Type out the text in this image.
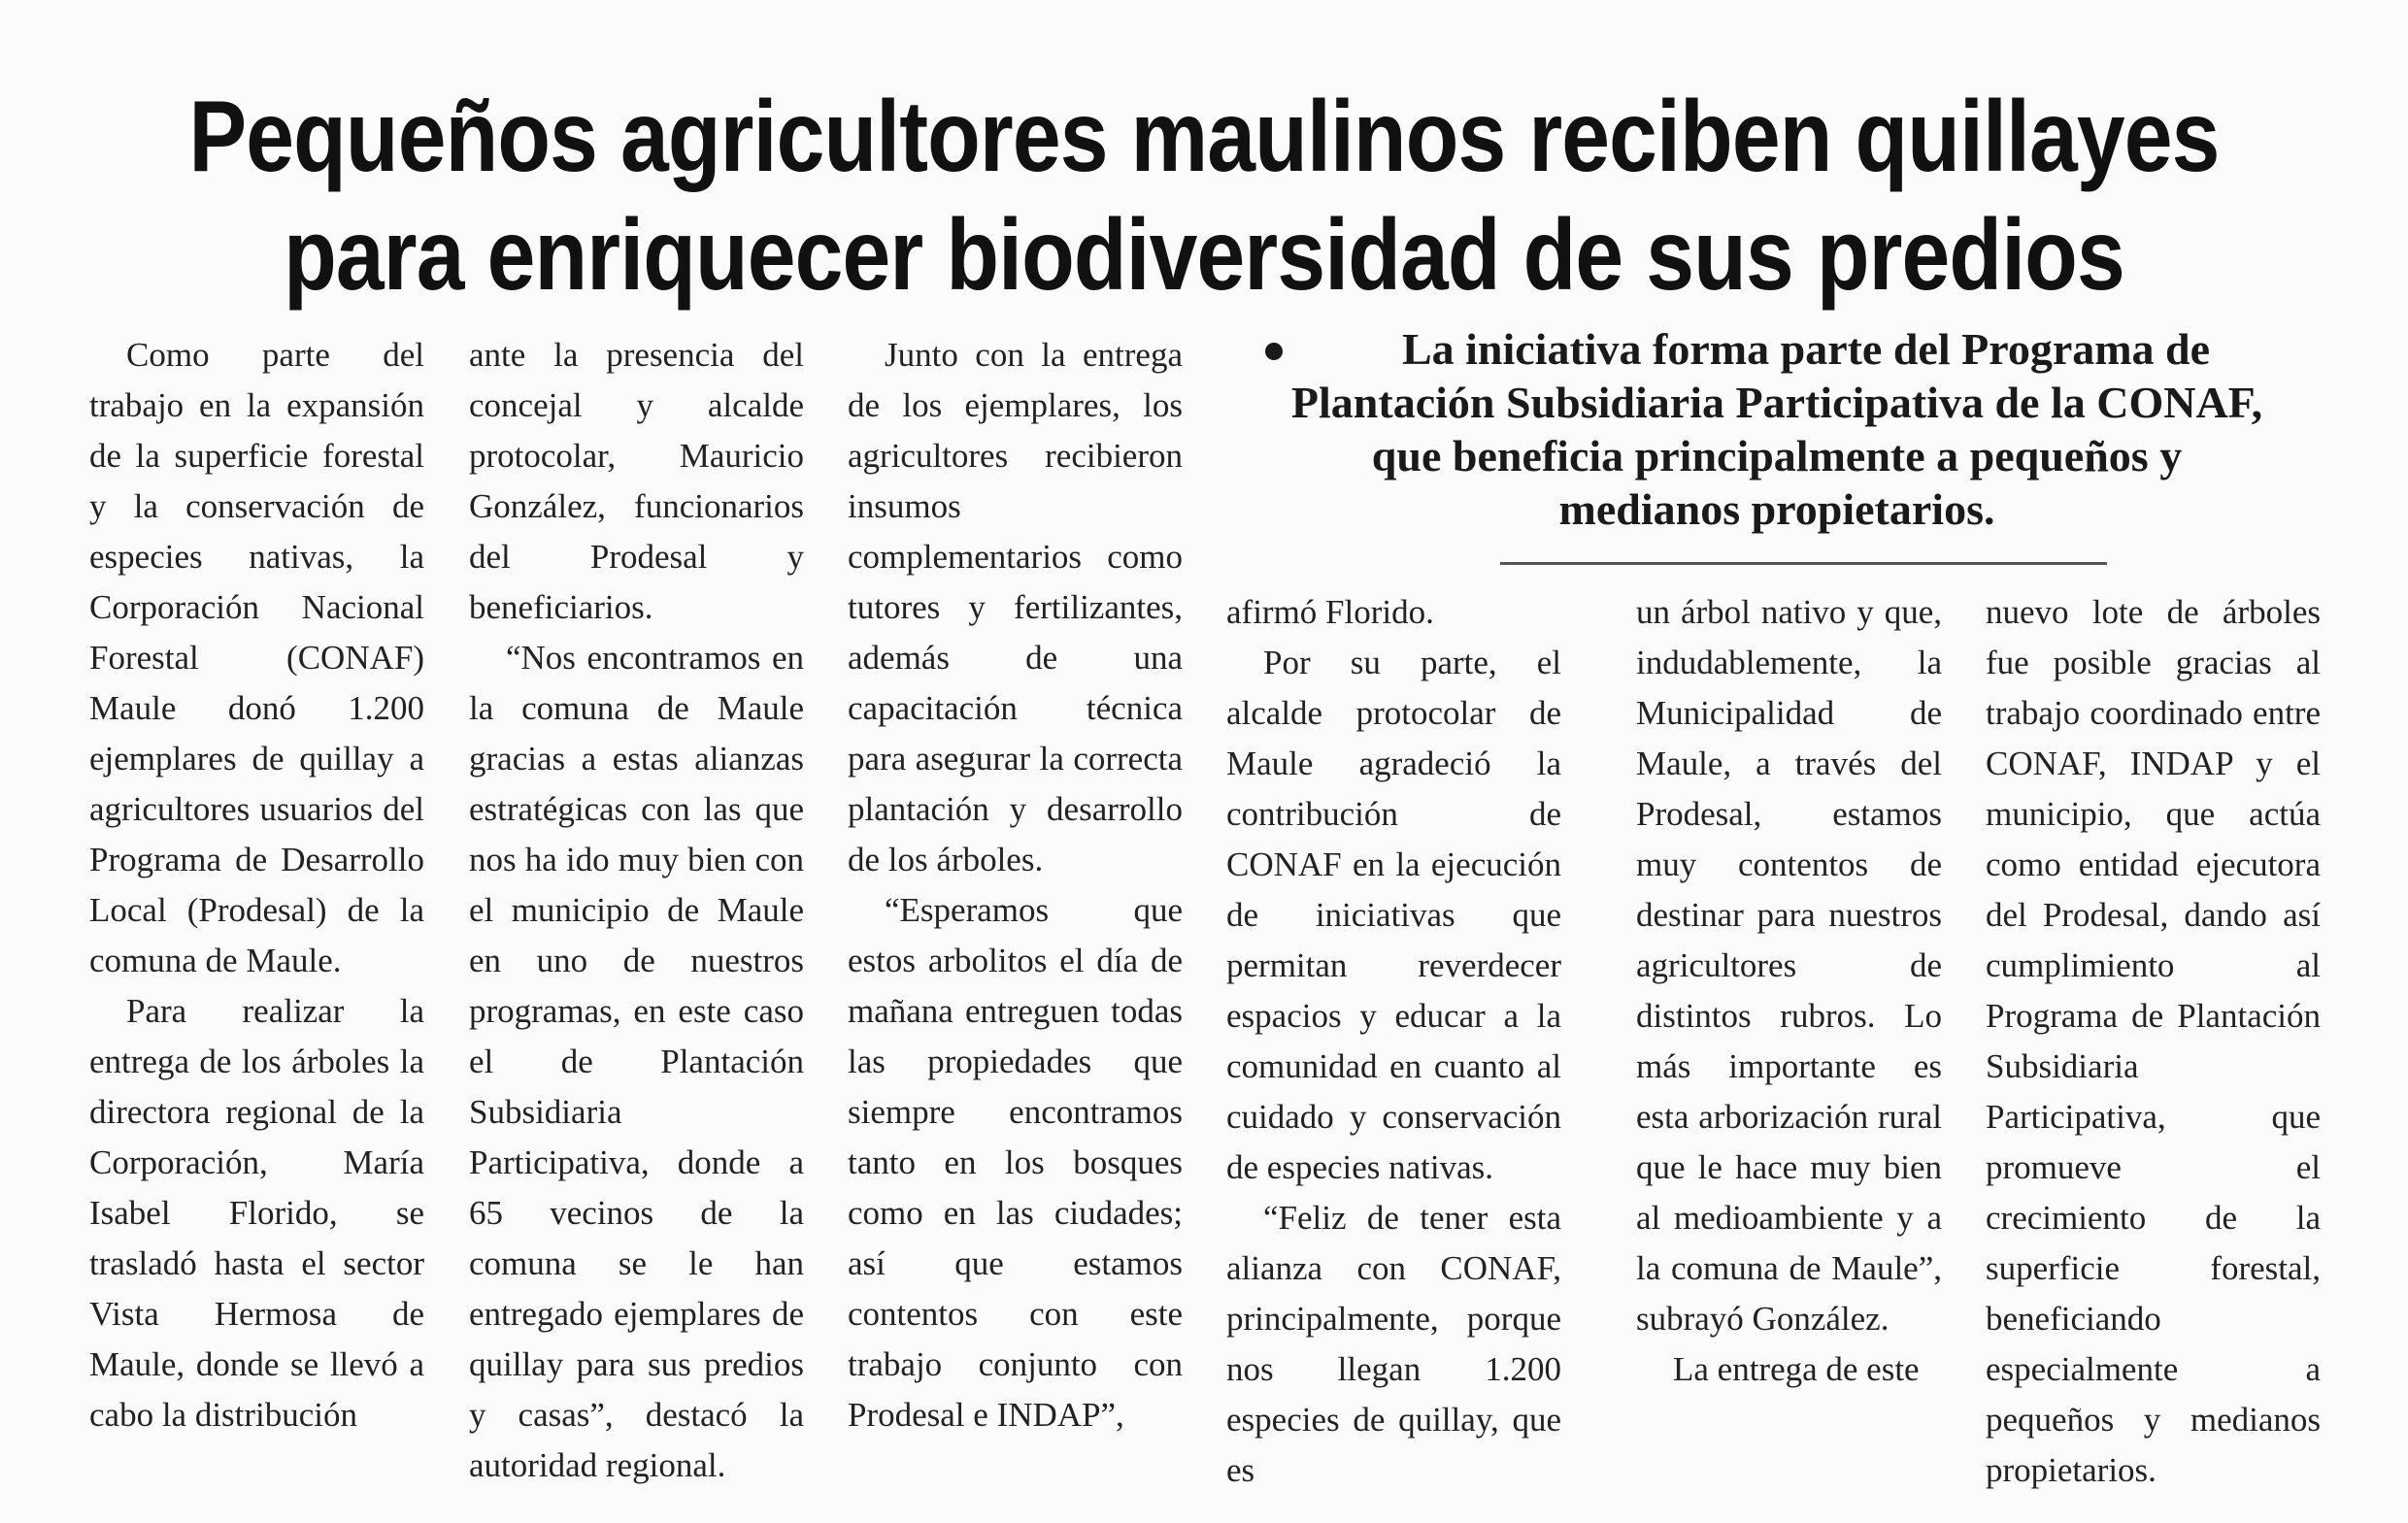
Pequeños agricultores maulinos reciben quillayes
para enriquecer biodiversidad de sus predios

Como parte del trabajo en la expansión de la superficie forestal y la conservación de especies nativas, la Corporación Nacional Forestal (CONAF) Maule donó 1.200 ejemplares de quillay a agricultores usuarios del Programa de Desarrollo Local (Prodesal) de la comuna de Maule.

Para realizar la entrega de los árboles la directora regional de la Corporación, María Isabel Florido, se trasladó hasta el sector Vista Hermosa de Maule, donde se llevó a cabo la distribución

ante la presencia del concejal y alcalde protocolar, Mauricio González, funcionarios del Prodesal y beneficiarios.

“Nos encontramos en la comuna de Maule gracias a estas alianzas estratégicas con las que nos ha ido muy bien con el municipio de Maule en uno de nuestros programas, en este caso el de Plantación Subsidiaria Participativa, donde a 65 vecinos de la comuna se le han entregado ejemplares de quillay para sus predios y casas”, destacó la autoridad regional.

Junto con la entrega de los ejemplares, los agricultores recibieron insumos complementarios como tutores y fertilizantes, además de una capacitación técnica para asegurar la correcta plantación y desarrollo de los árboles.

“Esperamos que estos arbolitos el día de mañana entreguen todas las propiedades que siempre encontramos tanto en los bosques como en las ciudades; así que estamos contentos con este trabajo conjunto con Prodesal e INDAP”,

La iniciativa forma parte del Programa de
Plantación Subsidiaria Participativa de la CONAF,
que beneficia principalmente a pequeños y
medianos propietarios.

afirmó Florido.

Por su parte, el alcalde protocolar de Maule agradeció la contribución de CONAF en la ejecución de iniciativas que permitan reverdecer espacios y educar a la comunidad en cuanto al cuidado y conservación de especies nativas.

“Feliz de tener esta alianza con CONAF, principalmente, porque nos llegan 1.200 especies de quillay, que es

un árbol nativo y que, indudablemente, la Municipalidad de Maule, a través del Prodesal, estamos muy contentos de destinar para nuestros agricultores de distintos rubros. Lo más importante es esta arborización rural que le hace muy bien al medioambiente y a la comuna de Maule”, subrayó González.

La entrega de este

nuevo lote de árboles fue posible gracias al trabajo coordinado entre CONAF, INDAP y el municipio, que actúa como entidad ejecutora del Prodesal, dando así cumplimiento al Programa de Plantación Subsidiaria Participativa, que promueve el crecimiento de la superficie forestal, beneficiando especialmente a pequeños y medianos propietarios.
